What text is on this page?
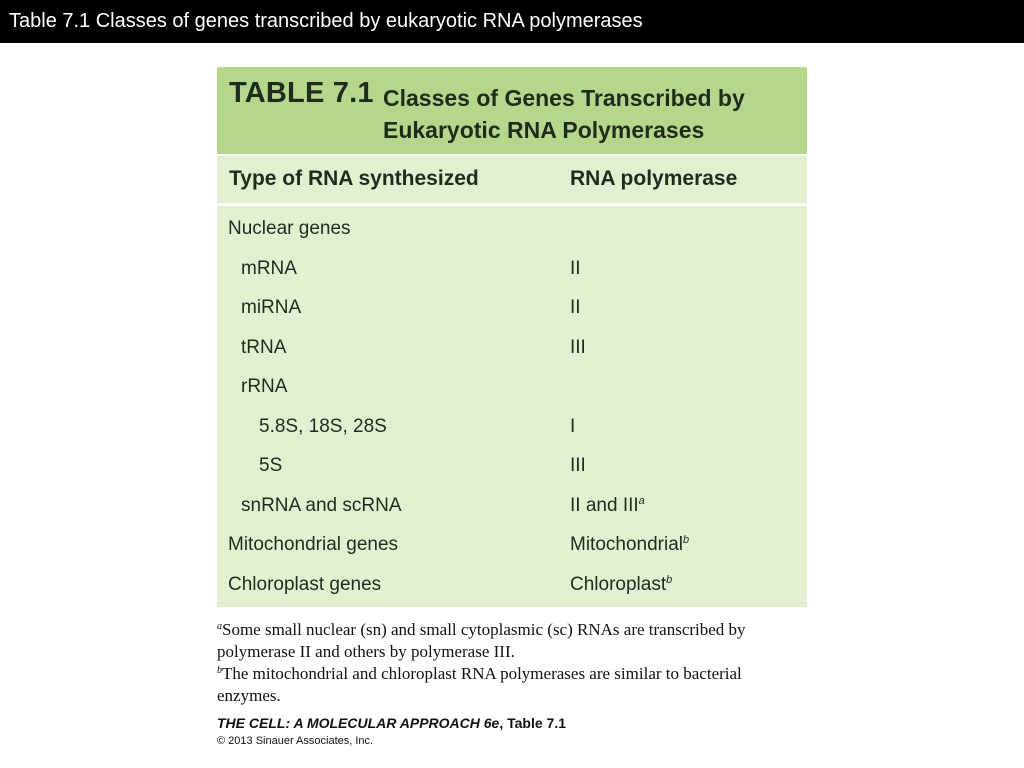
Table 7.1 Classes of genes transcribed by eukaryotic RNA polymerases
TABLE 7.1 Classes of Genes Transcribed by
Eukaryotic RNA Polymerases
Type of RNA synthesized	RNA polymerase
Nuclear genes
mRNA	II
miRNA	II
tRNA	III
rRNA
5.8S, 18S, 28S	I
5S	III
snRNA and scRNA	II and III$^a$
Mitochondrial genes	Mitochondrial$^b$
Chloroplast genes	Chloroplast$^b$
$^a$Some small nuclear (sn) and small cytoplasmic (sc) RNAs are transcribed by polymerase II and others by polymerase III.
$^b$The mitochondrial and chloroplast RNA polymerases are similar to bacterial enzymes.
THE CELL: A MOLECULAR APPROACH 6e, Table 7.1
© 2013 Sinauer Associates, Inc.
